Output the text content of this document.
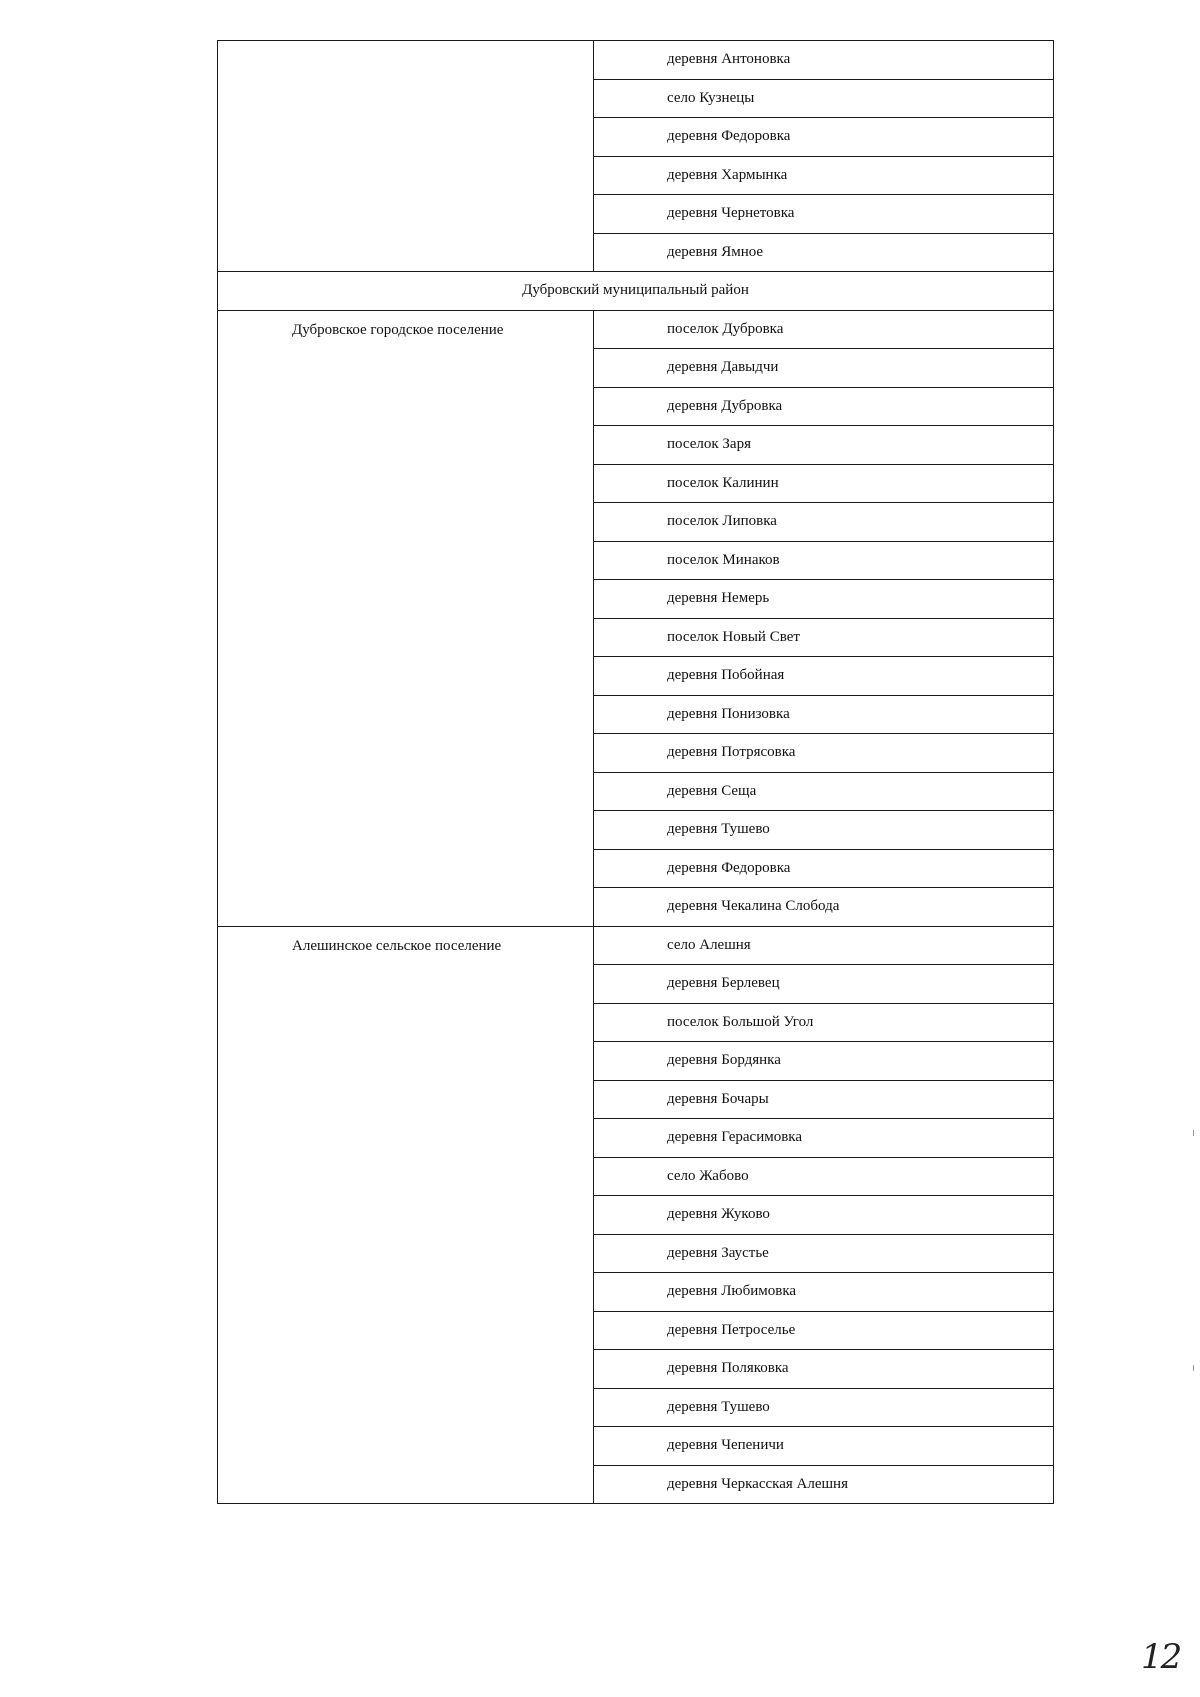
	деревня Антоновка
	село Кузнецы
	деревня Федоровка
	деревня Хармынка
	деревня Чернетовка
	деревня Ямное
Дубровский муниципальный район	
Дубровское городское поселение	поселок Дубровка
	деревня Давыдчи
	деревня Дубровка
	поселок Заря
	поселок Калинин
	поселок Липовка
	поселок Минаков
	деревня Немерь
	поселок Новый Свет
	деревня Побойная
	деревня Понизовка
	деревня Потрясовка
	деревня Сеща
	деревня Тушево
	деревня Федоровка
	деревня Чекалина Слобода
Алешинское сельское поселение	село Алешня
	деревня Берлевец
	поселок Большой Угол
	деревня Бордянка
	деревня Бочары
	деревня Герасимовка
	село Жабово
	деревня Жуково
	деревня Заустье
	деревня Любимовка
	деревня Петроселье
	деревня Поляковка
	деревня Тушево
	деревня Чепеничи
	деревня Черкасская Алешня
12
